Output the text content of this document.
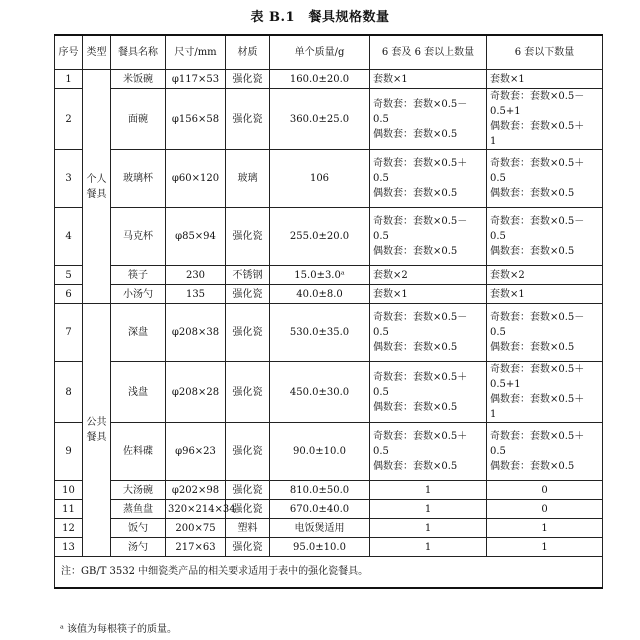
表 B.1　餐具规格数量
序号	类型	餐具名称	尺寸/mm	材质	单个质量/g	6 套及 6 套以上数量	6 套以下数量
1	个人餐具	米饭碗	φ117×53	强化瓷	160.0±20.0	套数×1	套数×1

2		面碗	φ156×58	强化瓷	360.0±25.0	奇数套：套数×0.5－
0.5
偶数套：套数×0.5	奇数套：套数×0.5－
0.5+1
偶数套：套数×0.5＋
1

3		玻璃杯	φ60×120	玻璃	106	奇数套：套数×0.5＋
0.5
偶数套：套数×0.5	奇数套：套数×0.5＋
0.5
偶数套：套数×0.5

4		马克杯	φ85×94	强化瓷	255.0±20.0	奇数套：套数×0.5－
0.5
偶数套：套数×0.5	奇数套：套数×0.5－
0.5
偶数套：套数×0.5

5		筷子	230	不锈钢	15.0±3.0ᵃ	套数×2	套数×2

6		小汤勺	135	强化瓷	40.0±8.0	套数×1	套数×1

7	公共餐具	深盘	φ208×38	强化瓷	530.0±35.0	奇数套：套数×0.5－
0.5
偶数套：套数×0.5	奇数套：套数×0.5－
0.5
偶数套：套数×0.5

8		浅盘	φ208×28	强化瓷	450.0±30.0	奇数套：套数×0.5＋
0.5
偶数套：套数×0.5	奇数套：套数×0.5＋
0.5+1
偶数套：套数×0.5＋
1

9		佐料碟	φ96×23	强化瓷	90.0±10.0	奇数套：套数×0.5＋
0.5
偶数套：套数×0.5	奇数套：套数×0.5＋
0.5
偶数套：套数×0.5

10		大汤碗	φ202×98	强化瓷	810.0±50.0	1	0

11		蒸鱼盘	320×214×34	强化瓷	670.0±40.0	1	0

12		饭勺	200×75	塑料	电饭煲适用	1	1

13		汤勺	217×63	强化瓷	95.0±10.0	1	1

注：GB/T 3532 中细瓷类产品的相关要求适用于表中的强化瓷餐具。							
ᵃ 该值为每根筷子的质量。
